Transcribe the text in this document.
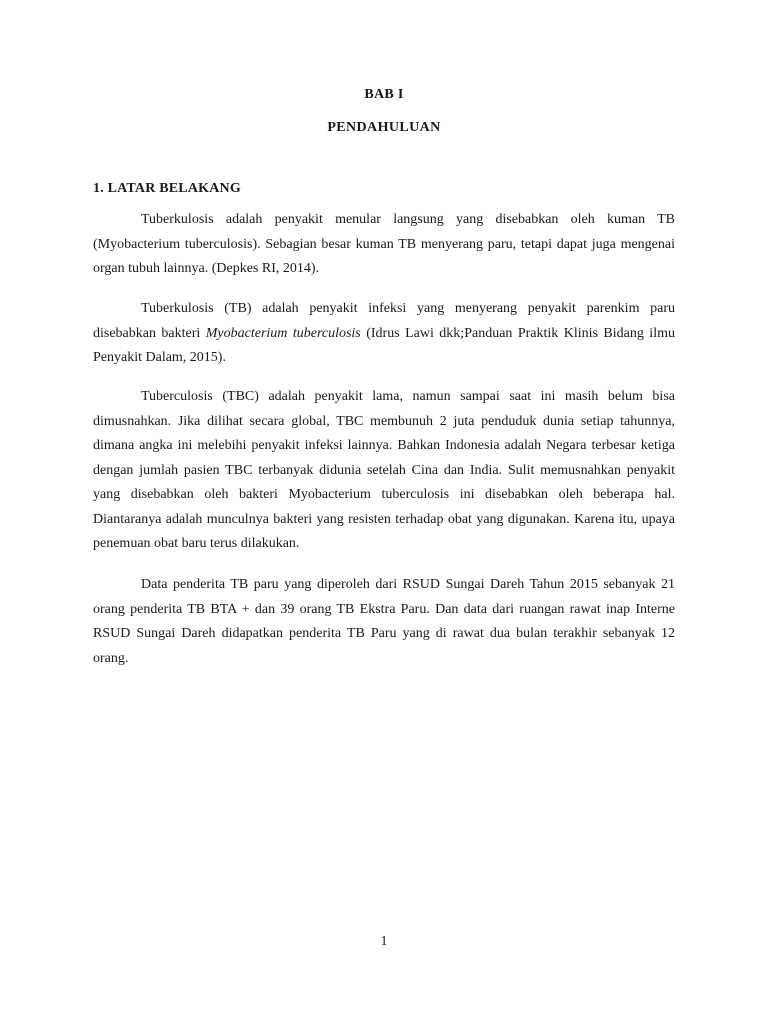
BAB I
PENDAHULUAN
1. LATAR BELAKANG

Tuberkulosis adalah penyakit menular langsung yang disebabkan oleh kuman TB (Myobacterium tuberculosis). Sebagian besar kuman TB menyerang paru, tetapi dapat juga mengenai organ tubuh lainnya. (Depkes RI, 2014).

Tuberkulosis (TB) adalah penyakit infeksi yang menyerang penyakit parenkim paru disebabkan bakteri Myobacterium tuberculosis (Idrus Lawi dkk;Panduan Praktik Klinis Bidang ilmu Penyakit Dalam, 2015).

Tuberculosis (TBC) adalah penyakit lama, namun sampai saat ini masih belum bisa dimusnahkan. Jika dilihat secara global, TBC membunuh 2 juta penduduk dunia setiap tahunnya, dimana angka ini melebihi penyakit infeksi lainnya. Bahkan Indonesia adalah Negara terbesar ketiga dengan jumlah pasien TBC terbanyak didunia setelah Cina dan India. Sulit memusnahkan penyakit yang disebabkan oleh bakteri Myobacterium tuberculosis ini disebabkan oleh beberapa hal. Diantaranya adalah munculnya bakteri yang resisten terhadap obat yang digunakan. Karena itu, upaya penemuan obat baru terus dilakukan.

Data penderita TB paru yang diperoleh dari RSUD Sungai Dareh Tahun 2015 sebanyak 21 orang penderita TB BTA + dan 39 orang TB Ekstra Paru. Dan data dari ruangan rawat inap Interne RSUD Sungai Dareh didapatkan penderita TB Paru yang di rawat dua bulan terakhir sebanyak 12 orang.

1
